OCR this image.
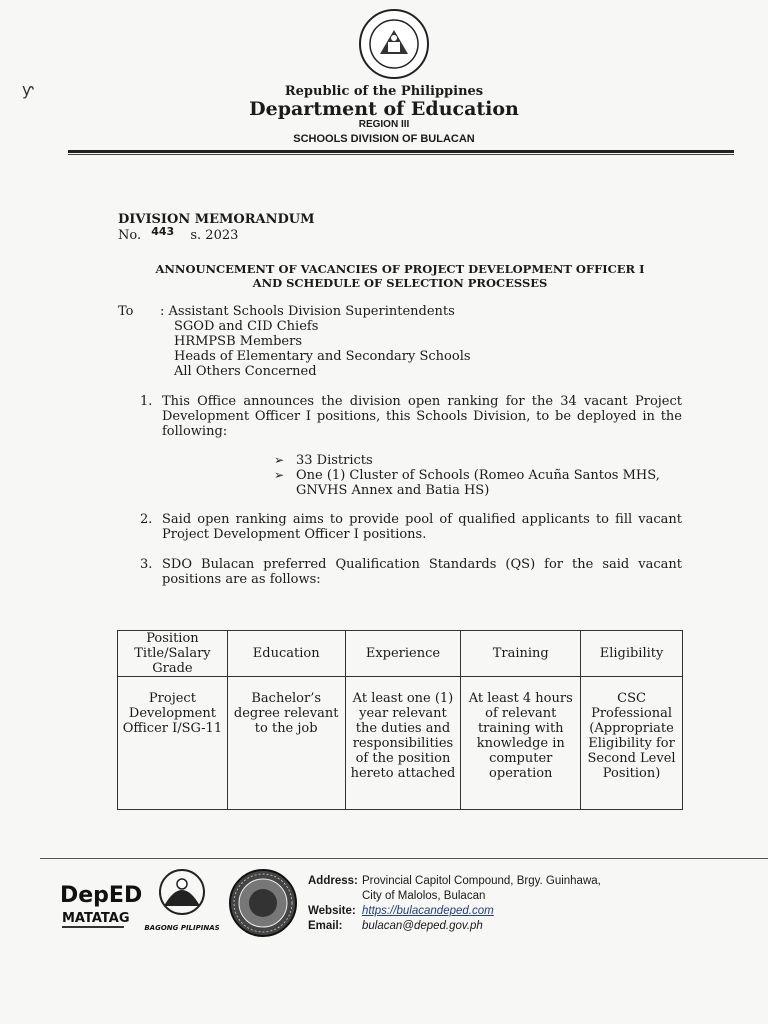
Republic of the Philippines
Department of Education
REGION III
SCHOOLS DIVISION OF BULACAN
ƴ
DIVISION MEMORANDUM
No. $^{443}$ s. 2023
ANNOUNCEMENT OF VACANCIES OF PROJECT DEVELOPMENT OFFICER I
AND SCHEDULE OF SELECTION PROCESSES
To	: Assistant Schools Division Superintendents
SGOD and CID Chiefs
HRMPSB Members
Heads of Elementary and Secondary Schools
All Others Concerned
1. This Office announces the division open ranking for the 34 vacant Project Development Officer I positions, this Schools Division, to be deployed in the following:
➢ 33 Districts
➢ One (1) Cluster of Schools (Romeo Acuña Santos MHS, GNVHS Annex and Batia HS)
2. Said open ranking aims to provide pool of qualified applicants to fill vacant Project Development Officer I positions.
3. SDO Bulacan preferred Qualification Standards (QS) for the said vacant positions are as follows:
Position Title/Salary Grade	Education	Experience	Training	Eligibility
Project Development Officer I/SG-11	Bachelor’s degree relevant to the job	At least one (1) year relevant the duties and responsibilities of the position hereto attached	At least 4 hours of relevant training with knowledge in computer operation	CSC Professional (Appropriate Eligibility for Second Level Position)
DepED
MATATAG
BAGONG PILIPINAS
Address: Provincial Capitol Compound, Brgy. Guinhawa,
City of Malolos, Bulacan
Website: https://bulacandeped.com
Email:	bulacan@deped.gov.ph
